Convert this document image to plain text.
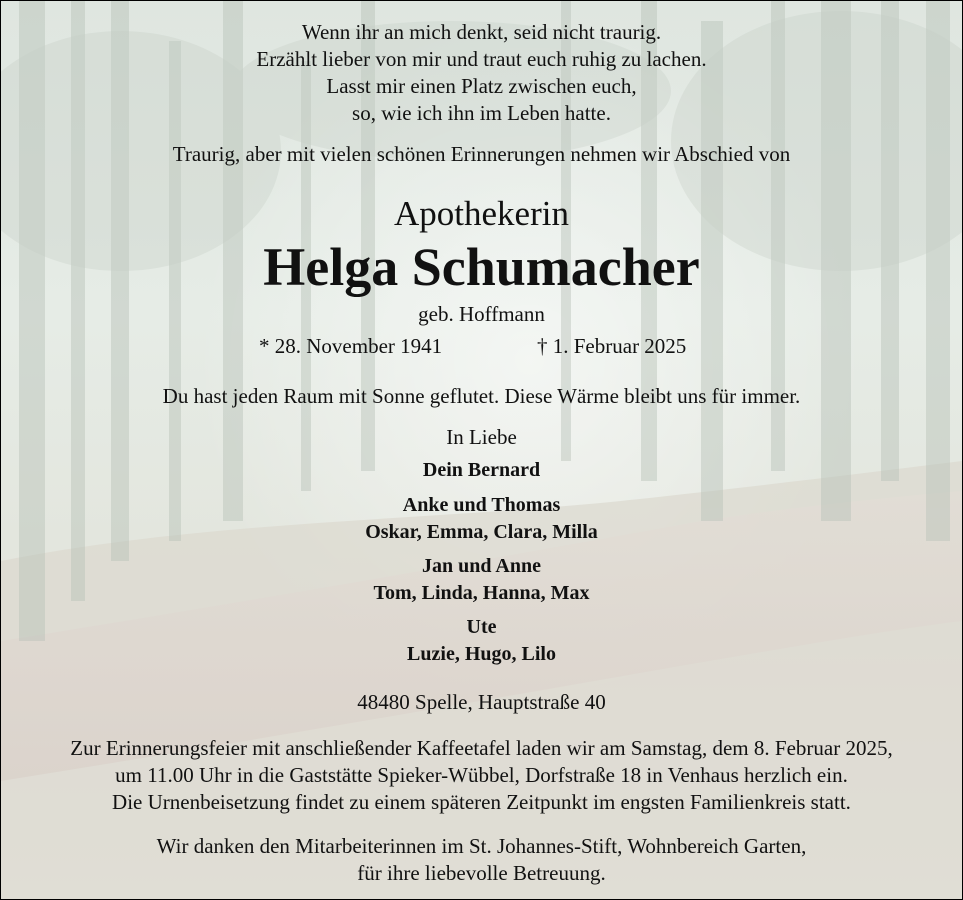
Wenn ihr an mich denkt, seid nicht traurig.
Erzählt lieber von mir und traut euch ruhig zu lachen.
Lasst mir einen Platz zwischen euch,
so, wie ich ihn im Leben hatte.
Traurig, aber mit vielen schönen Erinnerungen nehmen wir Abschied von
Apothekerin
Helga Schumacher
geb. Hoffmann
* 28. November 1941	† 1. Februar 2025
Du hast jeden Raum mit Sonne geflutet. Diese Wärme bleibt uns für immer.
In Liebe
Dein Bernard
Anke und Thomas
Oskar, Emma, Clara, Milla
Jan und Anne
Tom, Linda, Hanna, Max
Ute
Luzie, Hugo, Lilo
48480 Spelle, Hauptstraße 40
Zur Erinnerungsfeier mit anschließender Kaffeetafel laden wir am Samstag, dem 8. Februar 2025,
um 11.00 Uhr in die Gaststätte Spieker-Wübbel, Dorfstraße 18 in Venhaus herzlich ein.
Die Urnenbeisetzung findet zu einem späteren Zeitpunkt im engsten Familienkreis statt.
Wir danken den Mitarbeiterinnen im St. Johannes-Stift, Wohnbereich Garten,
für ihre liebevolle Betreuung.
